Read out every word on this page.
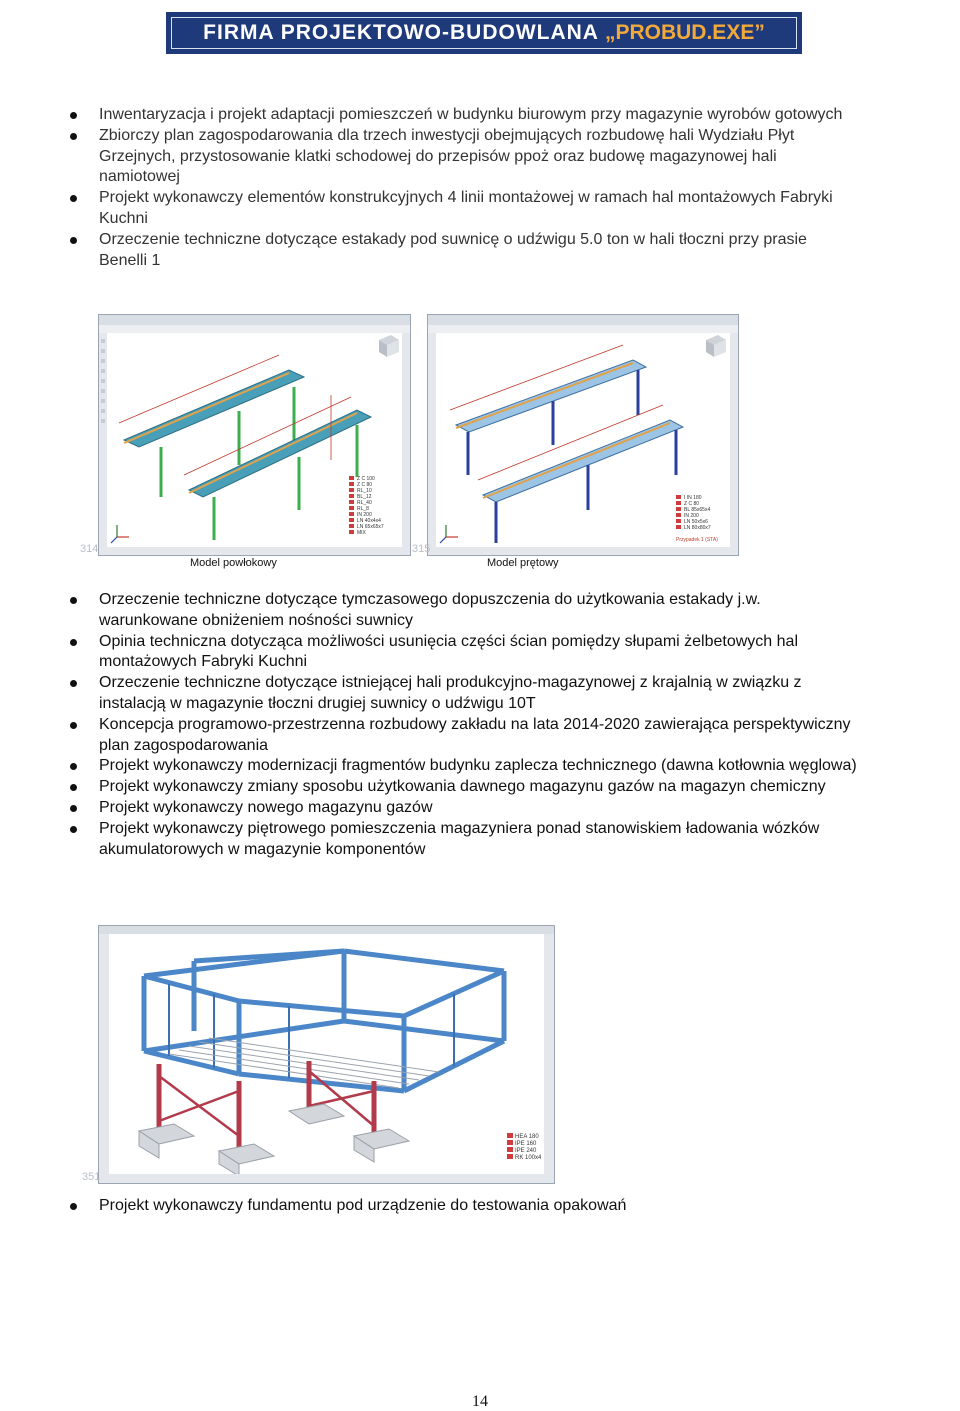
FIRMA PROJEKTOWO-BUDOWLANA „PROBUD.EXE”
Inwentaryzacja i projekt adaptacji pomieszczeń w budynku biurowym przy magazynie wyrobów gotowych
Zbiorczy plan zagospodarowania dla trzech inwestycji obejmujących rozbudowę hali Wydziału Płyt Grzejnych, przystosowanie klatki schodowej do przepisów ppoż oraz budowę magazynowej hali namiotowej
Projekt wykonawczy elementów konstrukcyjnych 4 linii montażowej w ramach hal montażowych Fabryki Kuchni
Orzeczenie techniczne dotyczące estakady pod suwnicę o udźwigu 5.0 ton w hali tłoczni przy prasie Benelli 1
Z C 100
Z C 80
RL_10
BL_12
RL_40
RL_8
IN 200
LN 40x4x4
LN 65x65x7
MIX
314
Model powłokowy
I IN 180
Z C 80
BL 85x65x4
IN 200
LN 50x5x6
LN 80x80x7
Przypadek 1 (STA)
315
Model prętowy
Orzeczenie techniczne dotyczące tymczasowego dopuszczenia do użytkowania estakady j.w. warunkowane obniżeniem nośności suwnicy
Opinia techniczna dotycząca możliwości usunięcia części ścian pomiędzy słupami żelbetowych hal montażowych Fabryki Kuchni
Orzeczenie techniczne dotyczące istniejącej hali produkcyjno-magazynowej z krajalnią w związku z instalacją w magazynie tłoczni drugiej suwnicy o udźwigu 10T
Koncepcja programowo-przestrzenna rozbudowy zakładu na lata 2014-2020 zawierająca perspektywiczny plan zagospodarowania
Projekt wykonawczy modernizacji fragmentów budynku zaplecza technicznego (dawna kotłownia węglowa)
Projekt wykonawczy zmiany sposobu użytkowania dawnego magazynu gazów na magazyn chemiczny
Projekt wykonawczy nowego magazynu gazów
Projekt wykonawczy piętrowego pomieszczenia magazyniera ponad stanowiskiem ładowania wózków akumulatorowych w magazynie komponentów
HEA 180
IPE 160
IPE 240
RK 100x4
351
Projekt wykonawczy fundamentu pod urządzenie do testowania opakowań
14
